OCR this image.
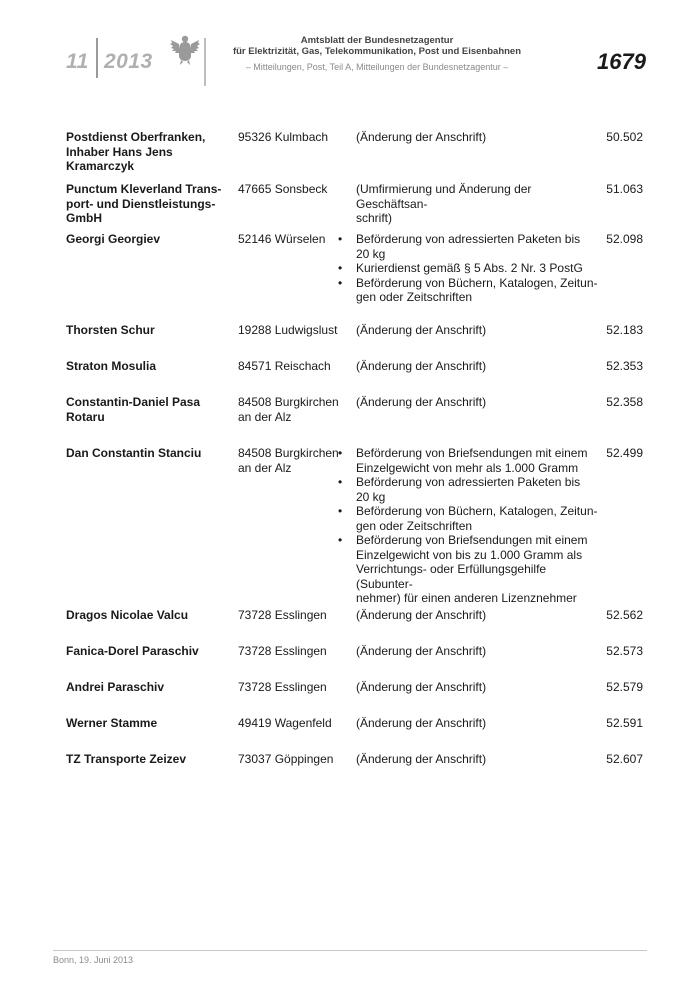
11 2013
Amtsblatt der Bundesnetzagentur
für Elektrizität, Gas, Telekommunikation, Post und Eisenbahnen
– Mitteilungen, Post, Teil A, Mitteilungen der Bundesnetzagentur –	1679
Postdienst Oberfranken,
Inhaber Hans Jens
Kramarczyk
95326 Kulmbach	(Änderung der Anschrift)	50.502
Punctum Kleverland Trans-
port- und Dienstleistungs-
GmbH
47665 Sonsbeck	(Umfirmierung und Änderung der Geschäftsan-
schrift)
51.063
Georgi Georgiev	52146 Würselen
•	Beförderung von adressierten Paketen bis
20 kg
• Kurierdienst gemäß § 5 Abs. 2 Nr. 3 PostG
• Beförderung von Büchern, Katalogen, Zeitun-
gen oder Zeitschriften
52.098
Thorsten Schur	19288 Ludwigslust	(Änderung der Anschrift)	52.183
Straton Mosulia	84571 Reischach	(Änderung der Anschrift)	52.353
Constantin-Daniel Pasa
Rotaru
84508 Burgkirchen
an der Alz
(Änderung der Anschrift)	52.358
Dan Constantin Stanciu	84508 Burgkirchen
an der Alz
• Beförderung von Briefsendungen mit einem
Einzelgewicht von mehr als 1.000 Gramm
• Beförderung von adressierten Paketen bis
20 kg
• Beförderung von Büchern, Katalogen, Zeitun-
gen oder Zeitschriften
• Beförderung von Briefsendungen mit einem
Einzelgewicht von bis zu 1.000 Gramm als
Verrichtungs- oder Erfüllungsgehilfe (Subunter-
nehmer) für einen anderen Lizenznehmer
52.499
Dragos Nicolae Valcu	73728 Esslingen	(Änderung der Anschrift)	52.562
Fanica-Dorel Paraschiv	73728 Esslingen	(Änderung der Anschrift)	52.573
Andrei Paraschiv	73728 Esslingen	(Änderung der Anschrift)	52.579
Werner Stamme	49419 Wagenfeld	(Änderung der Anschrift)	52.591
TZ Transporte Zeizev	73037 Göppingen	(Änderung der Anschrift)	52.607
Bonn, 19. Juni 2013
